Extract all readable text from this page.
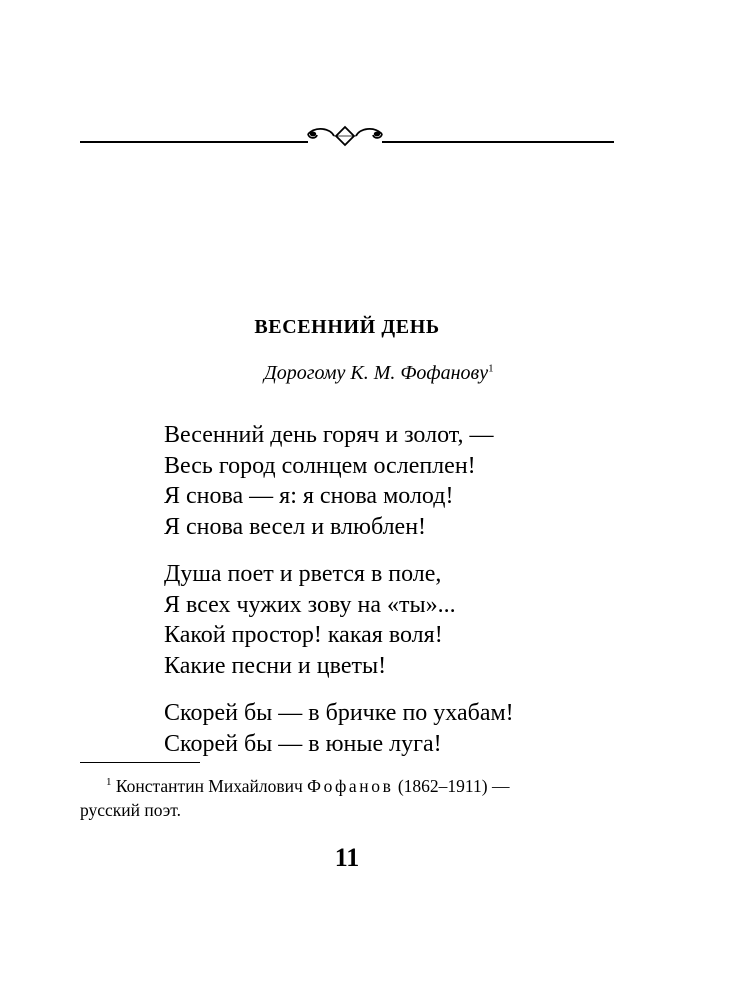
ВЕСЕННИЙ ДЕНЬ

Дорогому К. М. Фофанову$^1$

Весенний день горяч и золот, —
Весь город солнцем ослеплен!
Я снова — я: я снова молод!
Я снова весел и влюблен!
Душа поет и рвется в поле,
Я всех чужих зову на «ты»...
Какой простор! какая воля!
Какие песни и цветы!
Скорей бы — в бричке по ухабам!
Скорей бы — в юные луга!

$^1$ Константин Михайлович Фофанов (1862–1911) —
русский поэт.

11
